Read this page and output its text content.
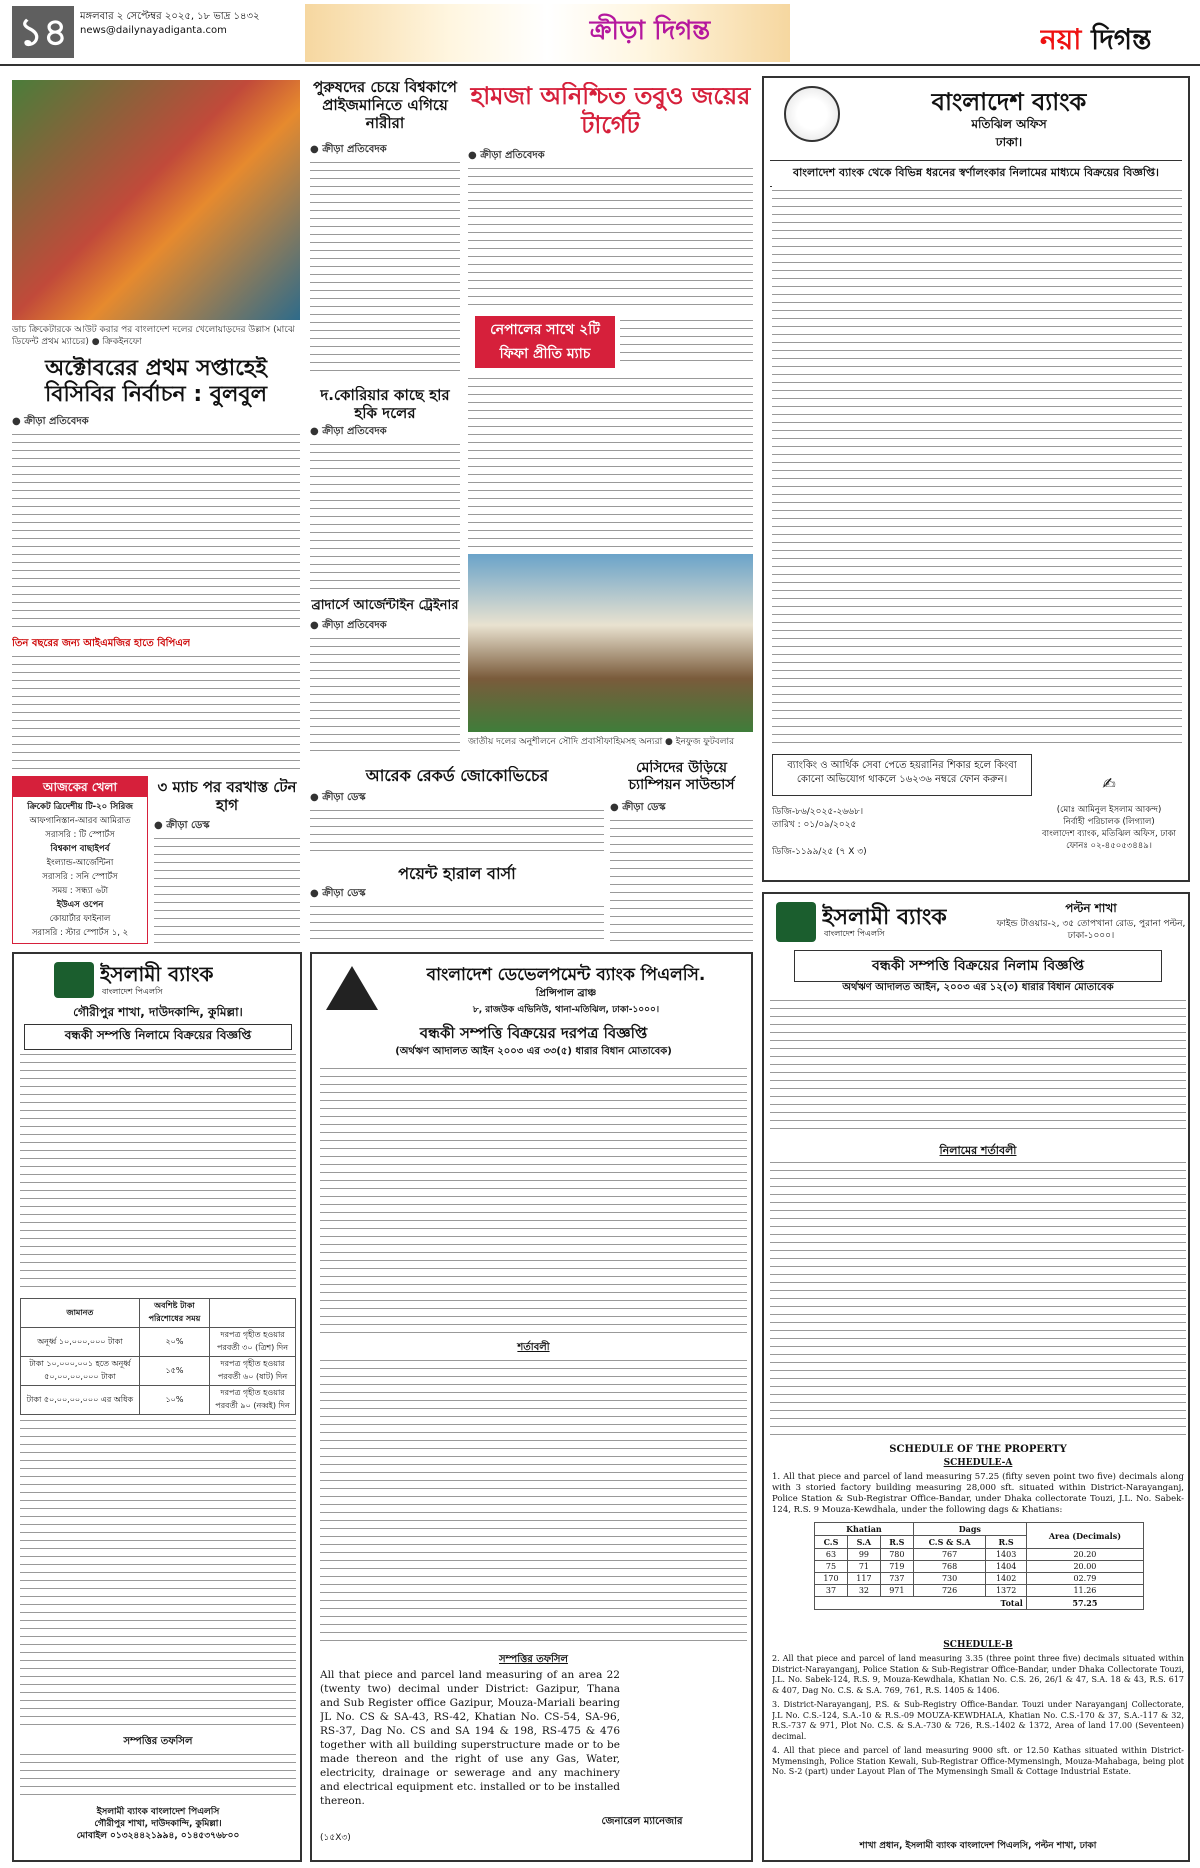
১৪	মঙ্গলবার ২ সেপ্টেম্বর ২০২৫, ১৮ ভাদ্র ১৪৩২
news@dailynayadiganta.com	ক্রীড়া দিগন্ত	নয়া দিগন্ত
ডাচ ক্রিকেটারকে আউট করার পর বাংলাদেশ দলের খেলোয়াড়দের উল্লাস (মাঝে ডিফেন্ট প্রথম ম্যাচের) ● ক্রিকইনফো
অক্টোবরের প্রথম সপ্তাহেই বিসিবির নির্বাচন : বুলবুল
● ক্রীড়া প্রতিবেদক
তিন বছরের জন্য আইএমজির হাতে বিপিএল
আজকের খেলা
ক্রিকেট ত্রিদেশীয় টি-২০ সিরিজ
আফগানিস্তান-আরব আমিরাত
সরাসরি : টি স্পোর্টস
বিশ্বকাপ বাছাইপর্ব
ইংল্যান্ড-আর্জেন্টিনা
সরাসরি : সনি স্পোর্টস
সময় : সন্ধ্যা ৬টা
ইউএস ওপেন
কোয়ার্টার ফাইনাল
সরাসরি : স্টার স্পোর্টস ১, ২
৩ ম্যাচ পর বরখাস্ত টেন হাগ
● ক্রীড়া ডেস্ক
পুরুষদের চেয়ে বিশ্বকাপে প্রাইজমানিতে এগিয়ে নারীরা
● ক্রীড়া প্রতিবেদক
দ.কোরিয়ার কাছে হার হকি দলের
● ক্রীড়া প্রতিবেদক
ব্রাদার্সে আর্জেন্টাইন ট্রেইনার
● ক্রীড়া প্রতিবেদক
হামজা অনিশ্চিত তবুও জয়ের টার্গেট
● ক্রীড়া প্রতিবেদক
নেপালের সাথে ২টি ফিফা প্রীতি ম্যাচ
জাতীয় দলের অনুশীলনে সৌদি প্রবাসীফাহিমসহ অন্যরা ● ইনফুজ ফুটবলার
মেসিদের উড়িয়ে চ্যাম্পিয়ন সাউন্ডার্স
● ক্রীড়া ডেস্ক
আরেক রেকর্ড জোকোভিচের
● ক্রীড়া ডেস্ক
পয়েন্ট হারাল বার্সা
● ক্রীড়া ডেস্ক
বাংলাদেশ ব্যাংক
মতিঝিল অফিস
ঢাকা।
বাংলাদেশ ব্যাংক থেকে বিভিন্ন ধরনের স্বর্ণালংকার নিলামের মাধ্যমে বিক্রয়ের বিজ্ঞপ্তি।
ব্যাংকিং ও আর্থিক সেবা পেতে হয়রানির শিকার হলে কিংবা কোনো অভিযোগ থাকলে ১৬২৩৬ নম্বরে ফোন করুন।
ডিজি-৮৬/২০২৫-২৬৬৮।
তারিখ : ০১/০৯/২০২৫
ডিজি-১১৯৯/২৫ (৭ X ৩)
✍
(মোঃ আমিনুল ইসলাম আকন্দ)
নির্বাহী পরিচালক (লিগ্যাল)
বাংলাদেশ ব্যাংক, মতিঝিল অফিস, ঢাকা
ফোনঃ ০২-৪৫০৫৩৪৪৯।
ইসলামী ব্যাংক
বাংলাদেশ পিএলসি
গৌরীপুর শাখা, দাউদকান্দি, কুমিল্লা।
বন্ধকী সম্পত্তি নিলামে বিক্রয়ের বিজ্ঞপ্তি
জামানত	অবশিষ্ট টাকা পরিশোধের সময়	
অনূর্ধ্ব ১০,০০০,০০০ টাকা	২০%	দরপত্র গৃহীত হওয়ার পরবর্তী ৩০ (ত্রিশ) দিন
টাকা ১০,০০০,০০১ হতে অনূর্ধ্ব ৫০,০০,০০,০০০ টাকা	১৫%	দরপত্র গৃহীত হওয়ার পরবর্তী ৬০ (ষাট) দিন
টাকা ৫০,০০,০০,০০০ এর অধিক	১০%	দরপত্র গৃহীত হওয়ার পরবর্তী ৯০ (নব্বই) দিন
সম্পত্তির তফসিল
ইসলামী ব্যাংক বাংলাদেশ পিএলসি
গৌরীপুর শাখা, দাউদকান্দি, কুমিল্লা।
মোবাইল ০১৩২৪৪২১৯৯৪, ০১৪৫৩৭৬৮০০
বাংলাদেশ ডেভেলপমেন্ট ব্যাংক পিএলসি.
প্রিন্সিপাল ব্রাঞ্চ
৮, রাজউক এভিনিউ, থানা-মতিঝিল, ঢাকা-১০০০।
বন্ধকী সম্পত্তি বিক্রয়ের দরপত্র বিজ্ঞপ্তি
(অর্থঋণ আদালত আইন ২০০৩ এর ৩৩(৫) ধারার বিধান মোতাবেক)
শর্তাবলী
সম্পত্তির তফসিল
All that piece and parcel land measuring of an area 22 (twenty two) decimal under District: Gazipur, Thana and Sub Register office Gazipur, Mouza-Mariali bearing JL No. CS & SA-43, RS-42, Khatian No. CS-54, SA-96, RS-37, Dag No. CS and SA 194 & 198, RS-475 & 476 together with all building superstructure made or to be made thereon and the right of use any Gas, Water, electricity, drainage or sewerage and any machinery and electrical equipment etc. installed or to be installed thereon.
(১৫X৩)
জেনারেল ম্যানেজার
ইসলামী ব্যাংক
বাংলাদেশ পিএলসি
পল্টন শাখা
ফাইন্ড টাওয়ার-২, ৩৫ তোপখানা রোড, পুরানা পল্টন, ঢাকা-১০০০।
বন্ধকী সম্পত্তি বিক্রয়ের নিলাম বিজ্ঞপ্তি
অর্থঋণ আদালত আইন, ২০০৩ এর ১২(৩) ধারার বিধান মোতাবেক
নিলামের শর্তাবলী
SCHEDULE OF THE PROPERTY
SCHEDULE-A
1. All that piece and parcel of land measuring 57.25 (fifty seven point two five) decimals along with 3 storied factory building measuring 28,000 sft. situated within District-Narayanganj, Police Station & Sub-Registrar Office-Bandar, under Dhaka collectorate Touzi, J.L. No. Sabek-124, R.S. 9 Mouza-Kewdhala, under the following dags & Khatians:
Khatian			Dags		Area (Decimals)
C.S	S.A	R.S	C.S & S.A	R.S	
63	99	780	767	1403	20.20
75	71	719	768	1404	20.00
170	117	737	730	1402	02.79
37	32	971	726	1372	11.26
Total					57.25
SCHEDULE-B
2. All that piece and parcel of land measuring 3.35 (three point three five) decimals situated within District-Narayanganj, Police Station & Sub-Registrar Office-Bandar, under Dhaka Collectorate Touzi, J.L. No. Sabek-124, R.S. 9, Mouza-Kewdhala, Khatian No. C.S. 26, 26/1 & 47, S.A. 18 & 43, R.S. 617 & 407, Dag No. C.S. & S.A. 769, 761, R.S. 1405 & 1406.
3. District-Narayanganj, P.S. & Sub-Registry Office-Bandar. Touzi under Narayanganj Collectorate, J.L No. C.S.-124, S.A.-10 & R.S.-09 MOUZA-KEWDHALA, Khatian No. C.S.-170 & 37, S.A.-117 & 32, R.S.-737 & 971, Plot No. C.S. & S.A.-730 & 726, R.S.-1402 & 1372, Area of land 17.00 (Seventeen) decimal.
4. All that piece and parcel of land measuring 9000 sft. or 12.50 Kathas situated within District-Mymensingh, Police Station Kewali, Sub-Registrar Office-Mymensingh, Mouza-Mahabaga, being plot No. S-2 (part) under Layout Plan of The Mymensingh Small & Cottage Industrial Estate.
শাখা প্রধান, ইসলামী ব্যাংক বাংলাদেশ পিএলসি, পল্টন শাখা, ঢাকা
